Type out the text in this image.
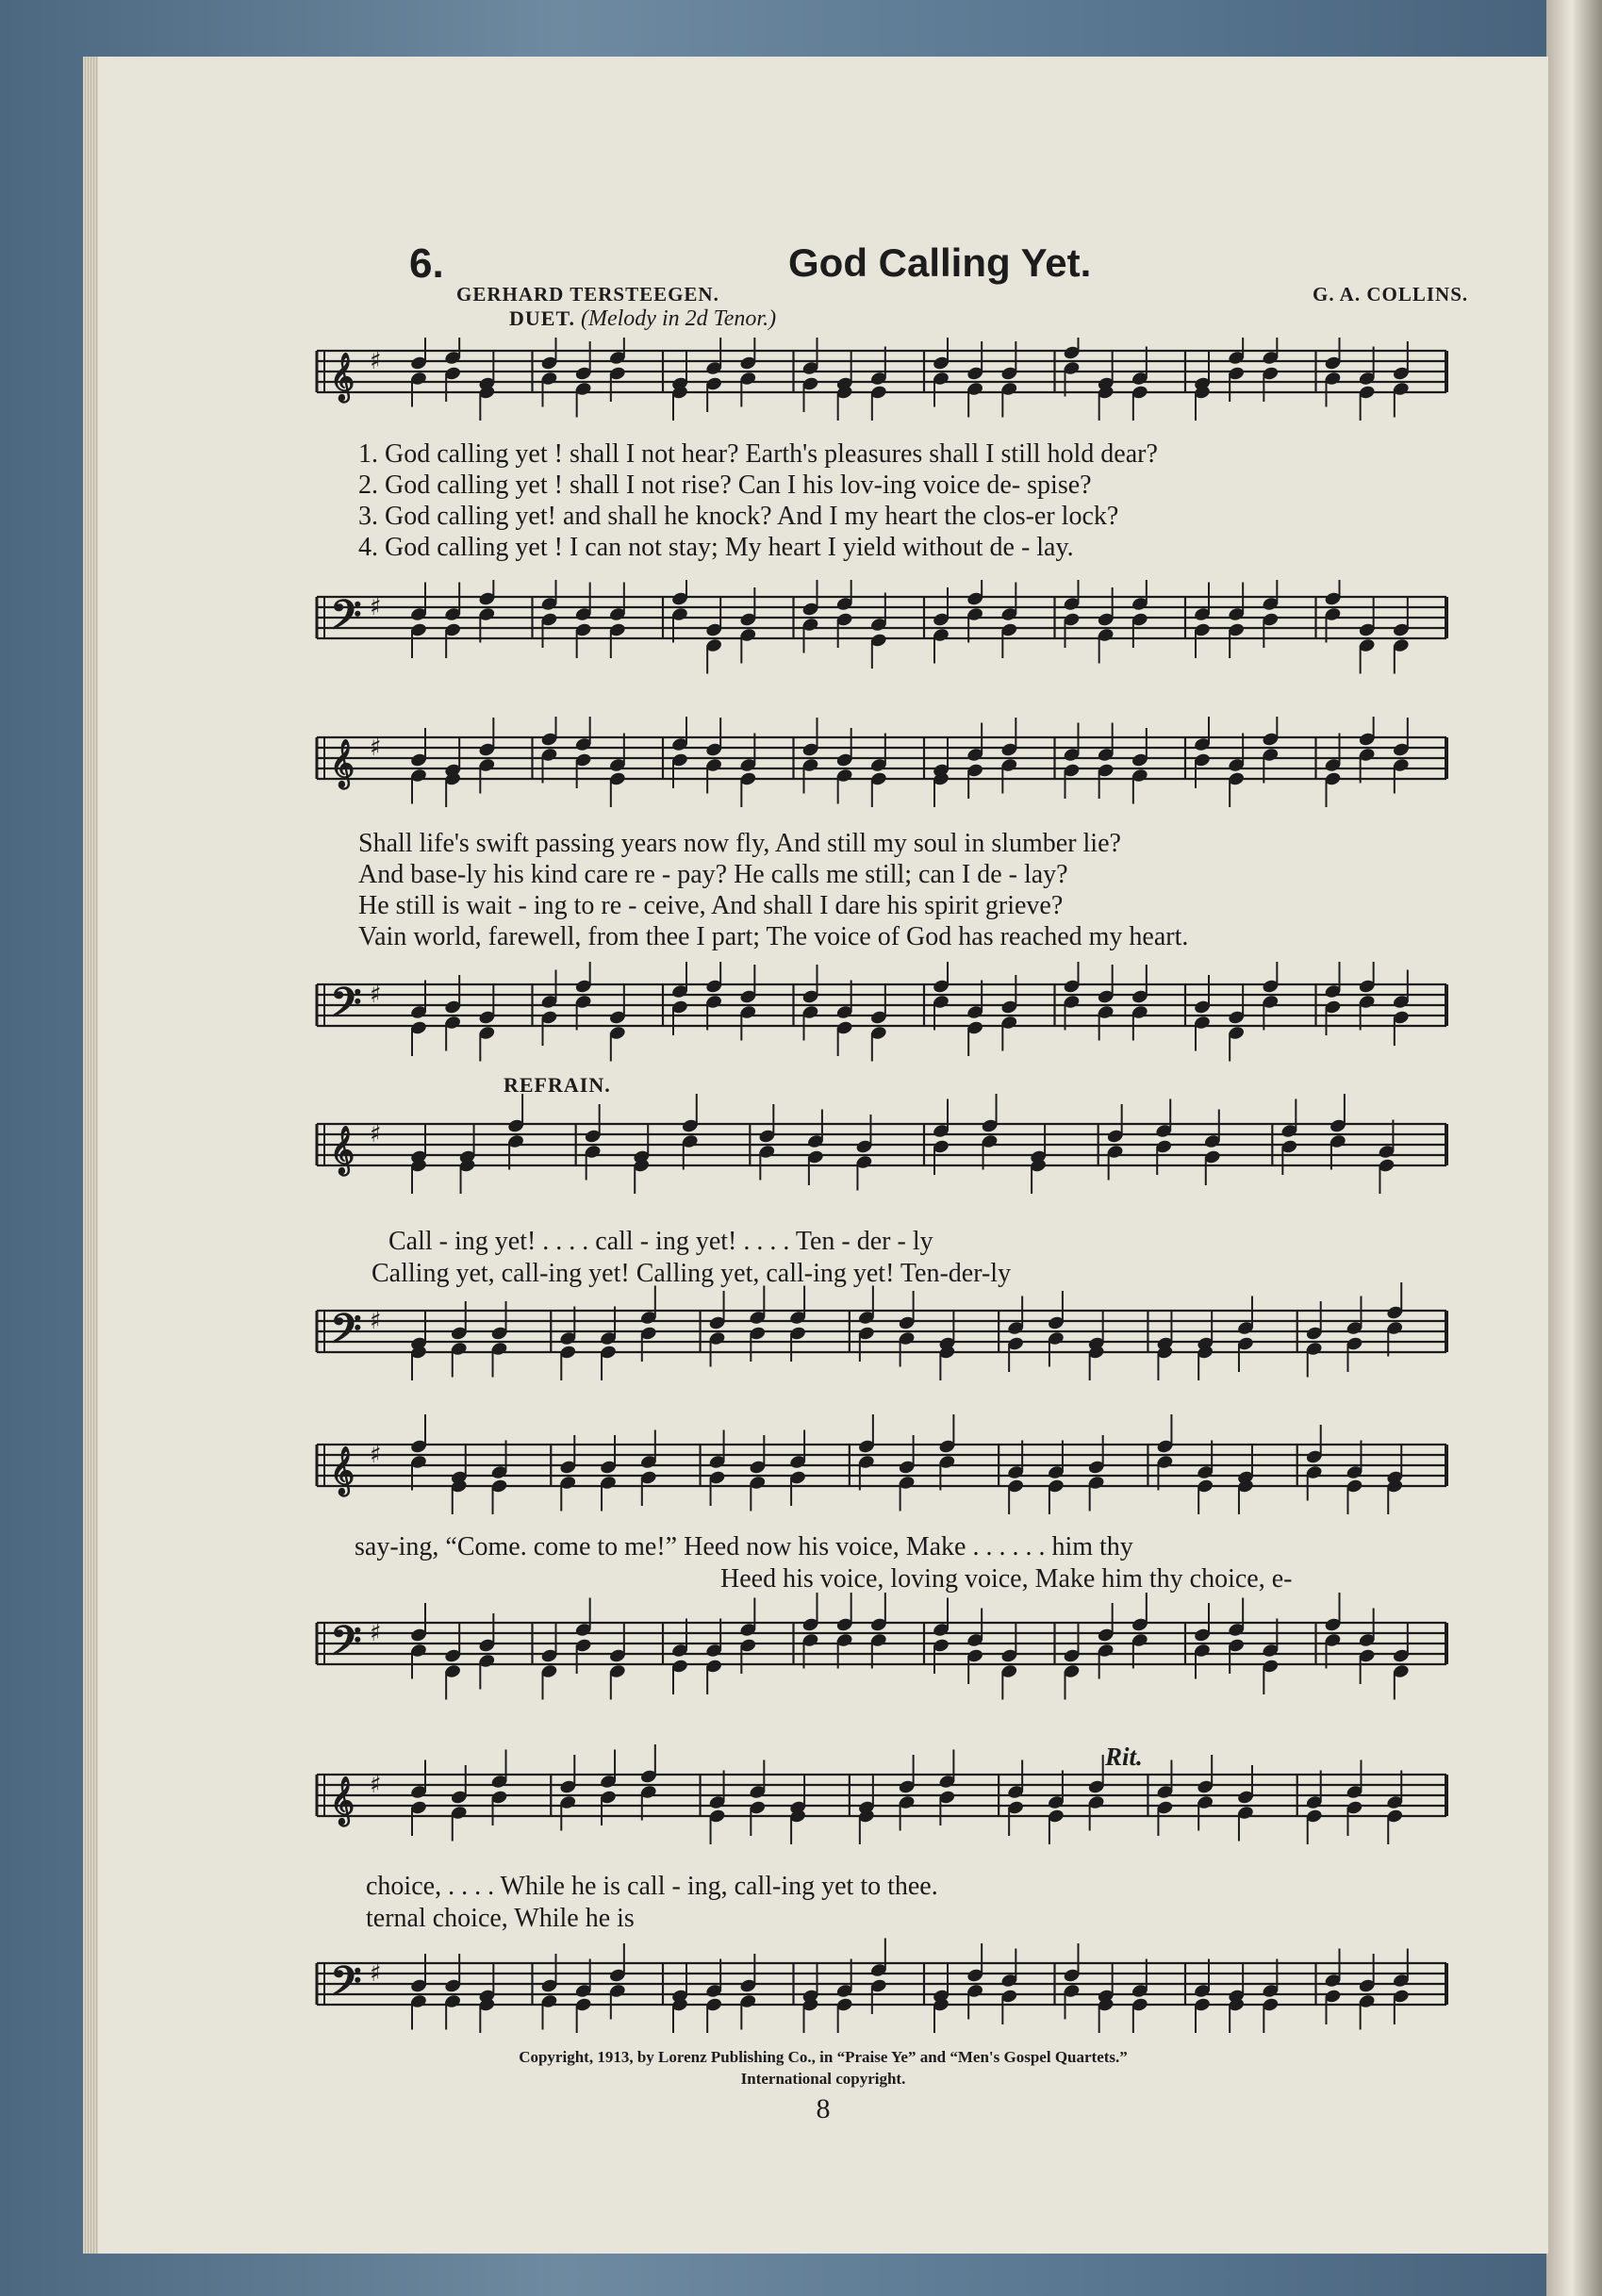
6.	God Calling Yet.
GERHARD TERSTEEGEN.	G. A. COLLINS.
DUET. (Melody in 2d Tenor.)
𝄞 ♯
1. God calling yet ! shall I not hear? Earth's pleasures shall I still hold dear?
2. God calling yet ! shall I not rise? Can I his lov-ing voice de- spise?
3. God calling yet! and shall he knock? And I my heart the clos-er lock?
4. God calling yet ! I can not stay; My heart I yield without de - lay.
𝄢 ♯
𝄞 ♯
Shall life's swift passing years now fly, And still my soul in slumber lie?
And base-ly his kind care re - pay? He calls me still; can I de - lay?
He still is wait - ing to re - ceive, And shall I dare his spirit grieve?
Vain world, farewell, from thee I part; The voice of God has reached my heart.
𝄢 ♯
REFRAIN.
𝄞 ♯
Call - ing yet! . . . . call - ing yet! . . . . Ten - der - ly
Calling yet, call-ing yet! Calling yet, call-ing yet! Ten-der-ly
𝄢 ♯
𝄞 ♯
say-ing, “Come. come to me!” Heed now his voice, Make . . . . . . him thy
Heed his voice, loving voice, Make him thy choice, e-
𝄢 ♯
Rit.
𝄞 ♯
choice, . . . . While he is call - ing, call-ing yet to thee.
ternal choice, While he is
𝄢 ♯
Copyright, 1913, by Lorenz Publishing Co., in “Praise Ye” and “Men's Gospel Quartets.”
International copyright.
8
